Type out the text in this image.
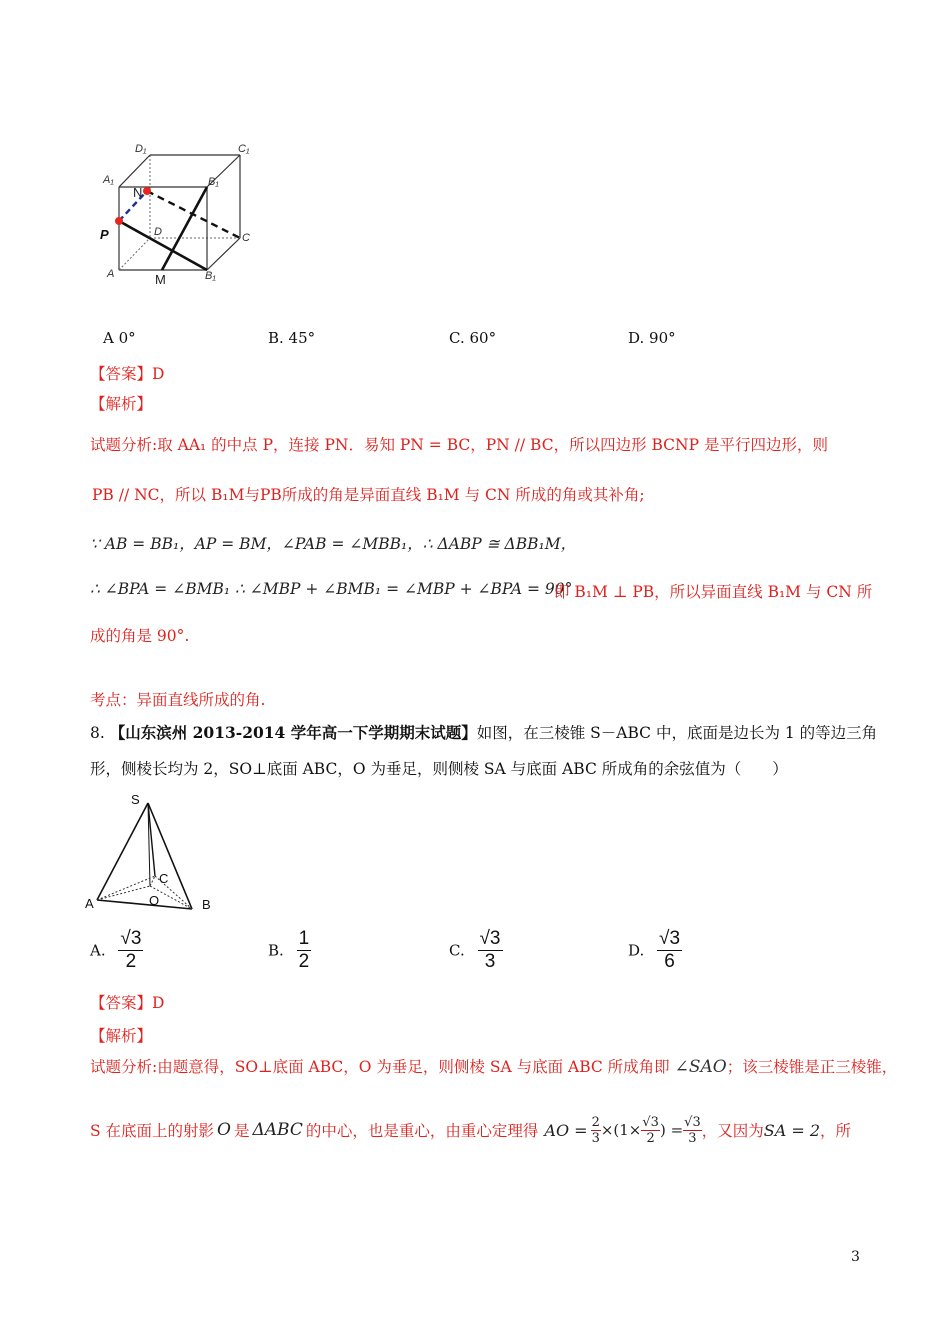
D₁	C₁
A₁	B₁
N
P	D	C
A	M	B₁
A 0°	B. 45°	C. 60°	D. 90°
【答案】D
【解析】
试题分析:取 AA₁ 的中点 P，连接 PN．易知 PN = BC，PN // BC，所以四边形 BCNP 是平行四边形，则
PB // NC，所以 B₁M与PB所成的角是异面直线 B₁M 与 CN 所成的角或其补角;
∵ AB = BB₁，AP = BM，∠PAB = ∠MBB₁，∴ ΔABP ≅ ΔBB₁M，
∴ ∠BPA = ∠BMB₁ ∴ ∠MBP + ∠BMB₁ = ∠MBP + ∠BPA = 90°
即 B₁M ⊥ PB，所以异面直线 B₁M 与 CN 所
成的角是 90°.
考点：异面直线所成的角.
8. 【山东滨州 2013-2014 学年高一下学期期末试题】如图，在三棱锥 S－ABC 中，底面是边长为 1 的等边三角
形，侧棱长均为 2，SO⊥底面 ABC，O 为垂足，则侧棱 SA 与底面 ABC 所成角的余弦值为（　　）
S
C
O
A	B
A. $\frac{√3}{2}$	B. $\frac{1}{2}$	C. $\frac{√3}{3}$	D. $\frac{√3}{6}$
【答案】D
【解析】
试题分析:由题意得，SO⊥底面 ABC，O 为垂足，则侧棱 SA 与底面 ABC 所成角即 ∠SAO；该三棱锥是正三棱锥，
S 在底面上的射影 O 是 ΔABC 的中心，也是重心，由重心定理得 AO = $\frac{2}{3} \times(1\times \frac{√3}{2}$ ) = $\frac{√3}{3}$ ，又因为 SA = 2 ，所
3
